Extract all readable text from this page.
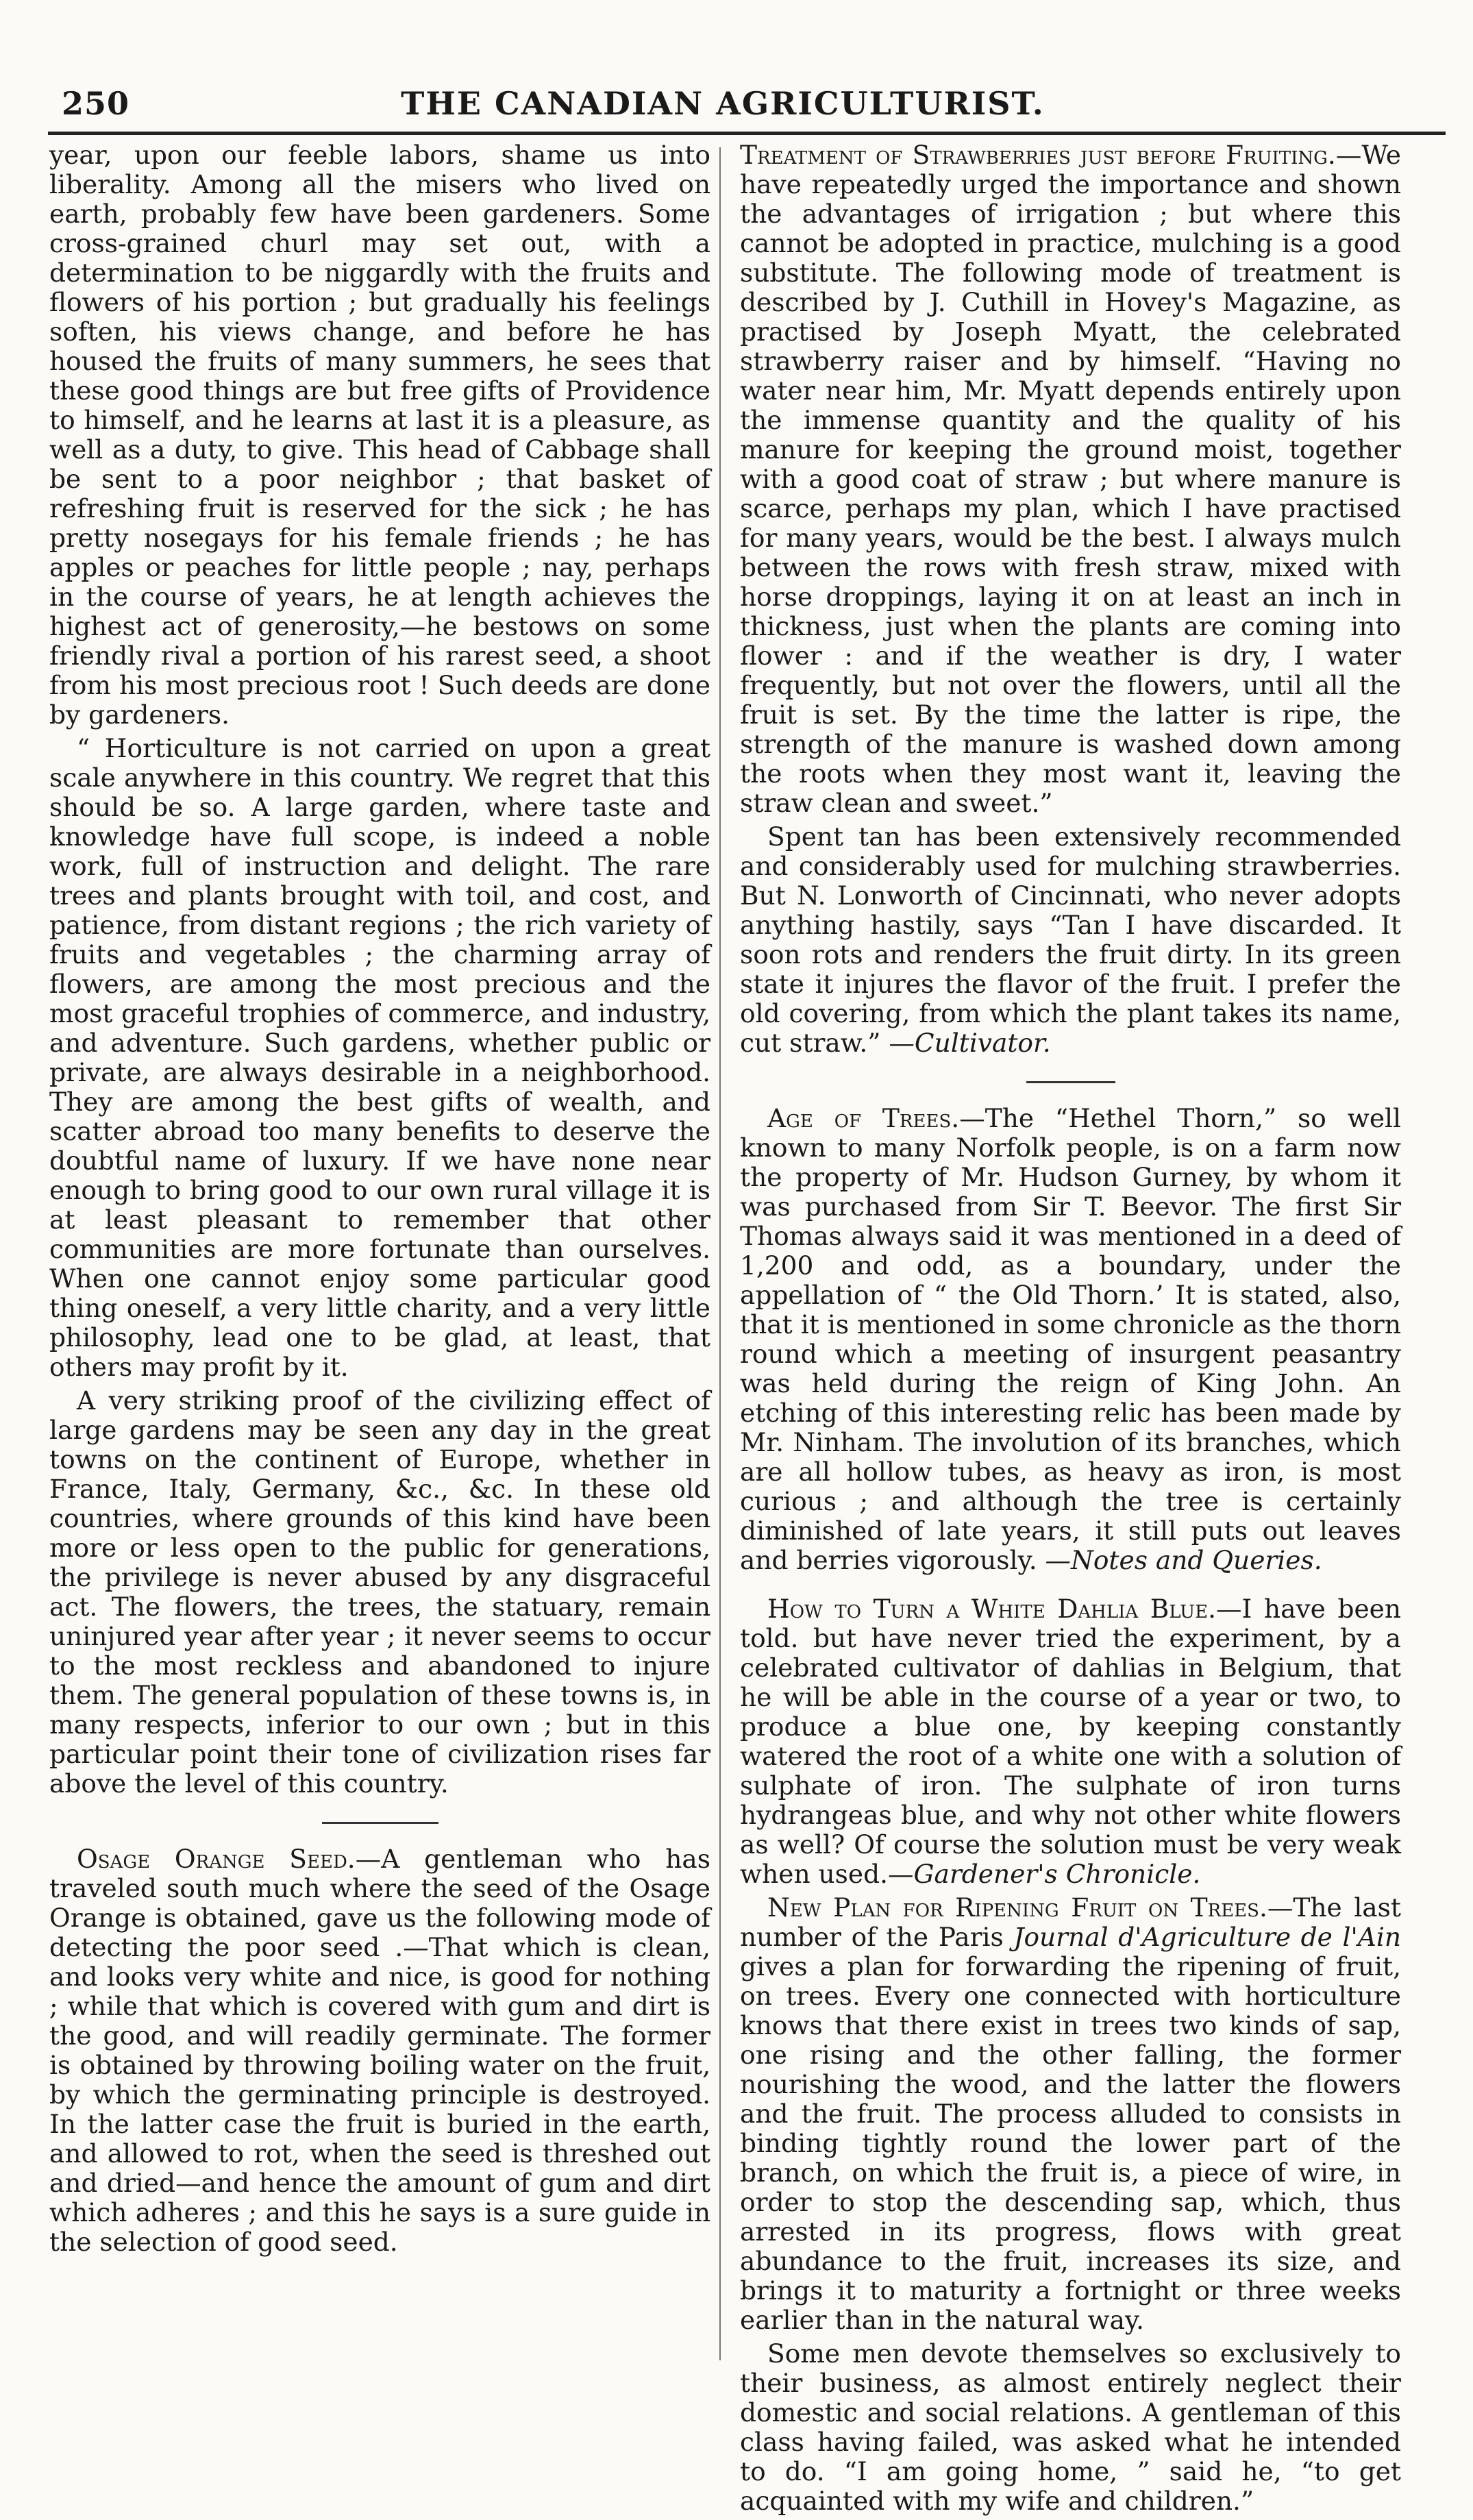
250	THE CANADIAN AGRICULTURIST.

year, upon our feeble labors, shame us into liberality. Among all the misers who lived on earth, probably few have been gardeners. Some cross-grained churl may set out, with a determination to be niggardly with the fruits and flowers of his portion ; but gradually his feelings soften, his views change, and before he has housed the fruits of many summers, he sees that these good things are but free gifts of Providence to himself, and he learns at last it is a pleasure, as well as a duty, to give. This head of Cabbage shall be sent to a poor neighbor ; that basket of refreshing fruit is reserved for the sick ; he has pretty nosegays for his female friends ; he has apples or peaches for little people ; nay, perhaps in the course of years, he at length achieves the highest act of generosity,—he bestows on some friendly rival a portion of his rarest seed, a shoot from his most precious root ! Such deeds are done by gardeners.

“ Horticulture is not carried on upon a great scale anywhere in this country. We regret that this should be so. A large garden, where taste and knowledge have full scope, is indeed a noble work, full of instruction and delight. The rare trees and plants brought with toil, and cost, and patience, from distant regions ; the rich variety of fruits and vegetables ; the charming array of flowers, are among the most precious and the most graceful trophies of commerce, and industry, and adventure. Such gardens, whether public or private, are always desirable in a neighborhood. They are among the best gifts of wealth, and scatter abroad too many benefits to deserve the doubtful name of luxury. If we have none near enough to bring good to our own rural village it is at least pleasant to remember that other communities are more fortunate than ourselves. When one cannot enjoy some particular good thing oneself, a very little charity, and a very little philosophy, lead one to be glad, at least, that others may profit by it.

A very striking proof of the civilizing effect of large gardens may be seen any day in the great towns on the continent of Europe, whether in France, Italy, Germany, &c., &c. In these old countries, where grounds of this kind have been more or less open to the public for generations, the privilege is never abused by any disgraceful act. The flowers, the trees, the statuary, remain uninjured year after year ; it never seems to occur to the most reckless and abandoned to injure them. The general population of these towns is, in many respects, inferior to our own ; but in this particular point their tone of civilization rises far above the level of this country.

Osage Orange Seed.—A gentleman who has traveled south much where the seed of the Osage Orange is obtained, gave us the following mode of detecting the poor seed .—That which is clean, and looks very white and nice, is good for nothing ; while that which is covered with gum and dirt is the good, and will readily germinate. The former is obtained by throwing boiling water on the fruit, by which the germinating principle is destroyed. In the latter case the fruit is buried in the earth, and allowed to rot, when the seed is threshed out and dried—and hence the amount of gum and dirt which adheres ; and this he says is a sure guide in the selection of good seed.

Treatment of Strawberries just before Fruiting.—We have repeatedly urged the importance and shown the advantages of irrigation ; but where this cannot be adopted in practice, mulching is a good substitute. The following mode of treatment is described by J. Cuthill in Hovey's Magazine, as practised by Joseph Myatt, the celebrated strawberry raiser and by himself. “Having no water near him, Mr. Myatt depends entirely upon the immense quantity and the quality of his manure for keeping the ground moist, together with a good coat of straw ; but where manure is scarce, perhaps my plan, which I have practised for many years, would be the best. I always mulch between the rows with fresh straw, mixed with horse droppings, laying it on at least an inch in thickness, just when the plants are coming into flower : and if the weather is dry, I water frequently, but not over the flowers, until all the fruit is set. By the time the latter is ripe, the strength of the manure is washed down among the roots when they most want it, leaving the straw clean and sweet.”

Spent tan has been extensively recommended and considerably used for mulching strawberries. But N. Lonworth of Cincinnati, who never adopts anything hastily, says “Tan I have discarded. It soon rots and renders the fruit dirty. In its green state it injures the flavor of the fruit. I prefer the old covering, from which the plant takes its name, cut straw.” —Cultivator.

Age of Trees.—The “Hethel Thorn,” so well known to many Norfolk people, is on a farm now the property of Mr. Hudson Gurney, by whom it was purchased from Sir T. Beevor. The first Sir Thomas always said it was mentioned in a deed of 1,200 and odd, as a boundary, under the appellation of “ the Old Thorn.’ It is stated, also, that it is mentioned in some chronicle as the thorn round which a meeting of insurgent peasantry was held during the reign of King John. An etching of this interesting relic has been made by Mr. Ninham. The involution of its branches, which are all hollow tubes, as heavy as iron, is most curious ; and although the tree is certainly diminished of late years, it still puts out leaves and berries vigorously. —Notes and Queries.

How to Turn a White Dahlia Blue.—I have been told. but have never tried the experiment, by a celebrated cultivator of dahlias in Belgium, that he will be able in the course of a year or two, to produce a blue one, by keeping constantly watered the root of a white one with a solution of sulphate of iron. The sulphate of iron turns hydrangeas blue, and why not other white flowers as well? Of course the solution must be very weak when used.—Gardener's Chronicle.

New Plan for Ripening Fruit on Trees.—The last number of the Paris Journal d'Agriculture de l'Ain gives a plan for forwarding the ripening of fruit, on trees. Every one connected with horticulture knows that there exist in trees two kinds of sap, one rising and the other falling, the former nourishing the wood, and the latter the flowers and the fruit. The process alluded to consists in binding tightly round the lower part of the branch, on which the fruit is, a piece of wire, in order to stop the descending sap, which, thus arrested in its progress, flows with great abundance to the fruit, increases its size, and brings it to maturity a fortnight or three weeks earlier than in the natural way.

Some men devote themselves so exclusively to their business, as almost entirely neglect their domestic and social relations. A gentleman of this class having failed, was asked what he intended to do. “I am going home, ” said he, “to get acquainted with my wife and children.”
